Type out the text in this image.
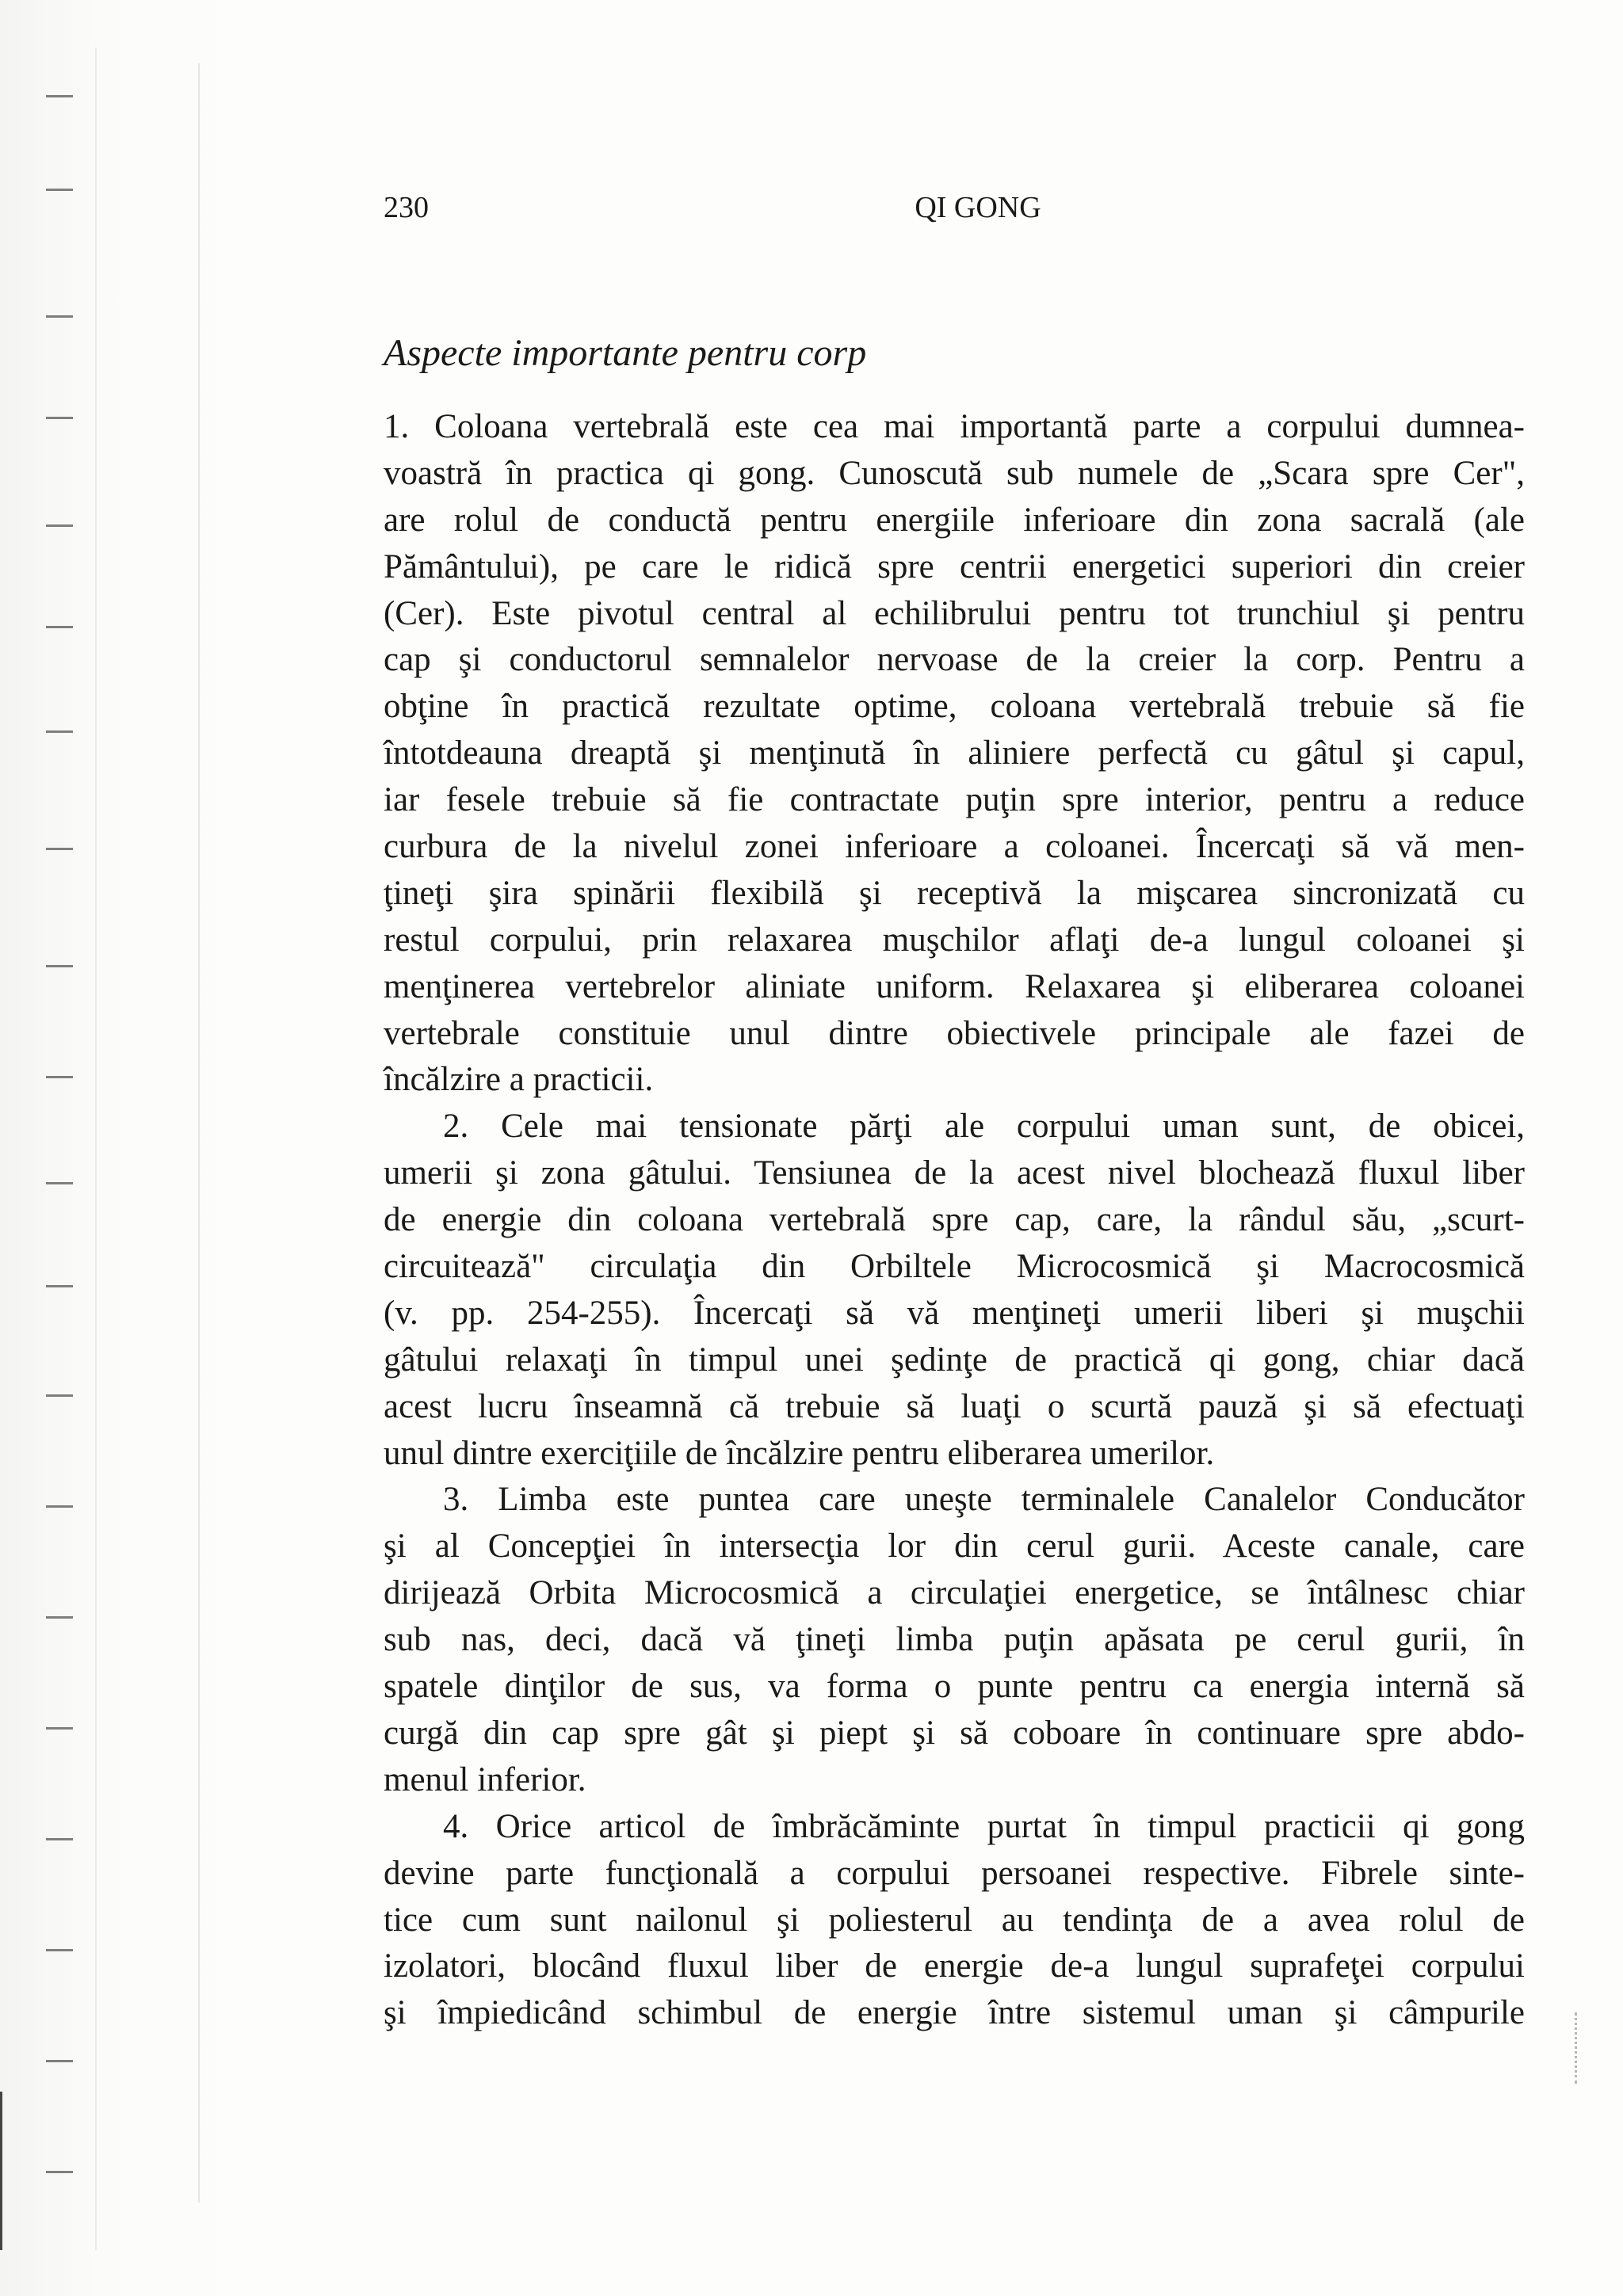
230	QI GONG
Aspecte importante pentru corp
1. Coloana vertebrală este cea mai importantă parte a corpului dumnea-
voastră în practica qi gong. Cunoscută sub numele de „Scara spre Cer",
are rolul de conductă pentru energiile inferioare din zona sacrală (ale
Pământului), pe care le ridică spre centrii energetici superiori din creier
(Cer). Este pivotul central al echilibrului pentru tot trunchiul şi pentru
cap şi conductorul semnalelor nervoase de la creier la corp. Pentru a
obţine în practică rezultate optime, coloana vertebrală trebuie să fie
întotdeauna dreaptă şi menţinută în aliniere perfectă cu gâtul şi capul,
iar fesele trebuie să fie contractate puţin spre interior, pentru a reduce
curbura de la nivelul zonei inferioare a coloanei. Încercaţi să vă men-
ţineţi şira spinării flexibilă şi receptivă la mişcarea sincronizată cu
restul corpului, prin relaxarea muşchilor aflaţi de-a lungul coloanei şi
menţinerea vertebrelor aliniate uniform. Relaxarea şi eliberarea coloanei
vertebrale constituie unul dintre obiectivele principale ale fazei de
încălzire a practicii.
2. Cele mai tensionate părţi ale corpului uman sunt, de obicei,
umerii şi zona gâtului. Tensiunea de la acest nivel blochează fluxul liber
de energie din coloana vertebrală spre cap, care, la rândul său, „scurt-
circuitează" circulaţia din Orbiltele Microcosmică şi Macrocosmică
(v. pp. 254-255). Încercaţi să vă menţineţi umerii liberi şi muşchii
gâtului relaxaţi în timpul unei şedinţe de practică qi gong, chiar dacă
acest lucru înseamnă că trebuie să luaţi o scurtă pauză şi să efectuaţi
unul dintre exerciţiile de încălzire pentru eliberarea umerilor.
3. Limba este puntea care uneşte terminalele Canalelor Conducător
şi al Concepţiei în intersecţia lor din cerul gurii. Aceste canale, care
dirijează Orbita Microcosmică a circulaţiei energetice, se întâlnesc chiar
sub nas, deci, dacă vă ţineţi limba puţin apăsata pe cerul gurii, în
spatele dinţilor de sus, va forma o punte pentru ca energia internă să
curgă din cap spre gât şi piept şi să coboare în continuare spre abdo-
menul inferior.
4. Orice articol de îmbrăcăminte purtat în timpul practicii qi gong
devine parte funcţională a corpului persoanei respective. Fibrele sinte-
tice cum sunt nailonul şi poliesterul au tendinţa de a avea rolul de
izolatori, blocând fluxul liber de energie de-a lungul suprafeţei corpului
şi împiedicând schimbul de energie între sistemul uman şi câmpurile
